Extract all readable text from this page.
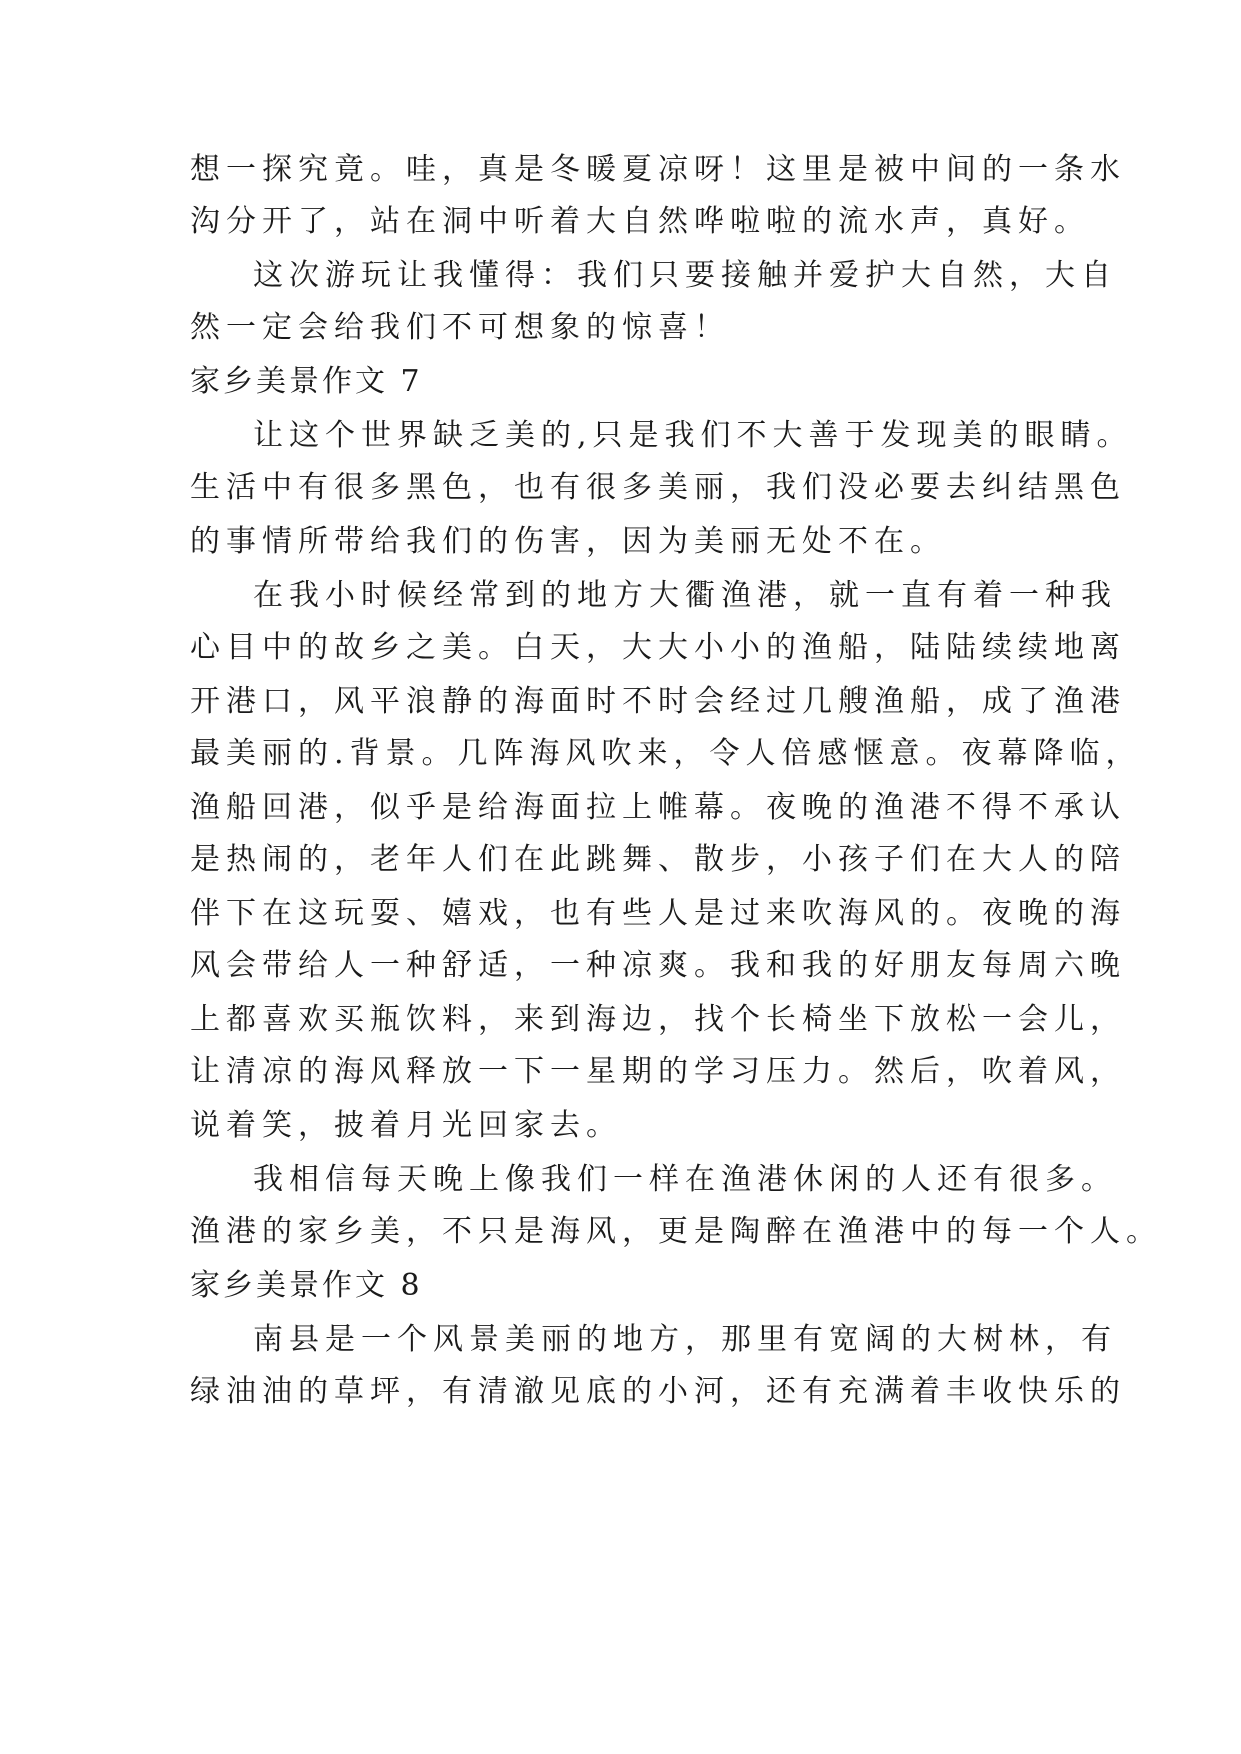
想一探究竟。哇，真是冬暖夏凉呀！这里是被中间的一条水
沟分开了，站在洞中听着大自然哗啦啦的流水声，真好。
这次游玩让我懂得：我们只要接触并爱护大自然，大自
然一定会给我们不可想象的惊喜！
家乡美景作文 7
让这个世界缺乏美的,只是我们不大善于发现美的眼睛。
生活中有很多黑色，也有很多美丽，我们没必要去纠结黑色
的事情所带给我们的伤害，因为美丽无处不在。
在我小时候经常到的地方大衢渔港，就一直有着一种我
心目中的故乡之美。白天，大大小小的渔船，陆陆续续地离
开港口，风平浪静的海面时不时会经过几艘渔船，成了渔港
最美丽的.背景。几阵海风吹来，令人倍感惬意。夜幕降临，
渔船回港，似乎是给海面拉上帷幕。夜晚的渔港不得不承认
是热闹的，老年人们在此跳舞、散步，小孩子们在大人的陪
伴下在这玩耍、嬉戏，也有些人是过来吹海风的。夜晚的海
风会带给人一种舒适，一种凉爽。我和我的好朋友每周六晚
上都喜欢买瓶饮料，来到海边，找个长椅坐下放松一会儿，
让清凉的海风释放一下一星期的学习压力。然后，吹着风，
说着笑，披着月光回家去。
我相信每天晚上像我们一样在渔港休闲的人还有很多。
渔港的家乡美，不只是海风，更是陶醉在渔港中的每一个人。
家乡美景作文 8
南县是一个风景美丽的地方，那里有宽阔的大树林，有
绿油油的草坪，有清澈见底的小河，还有充满着丰收快乐的
